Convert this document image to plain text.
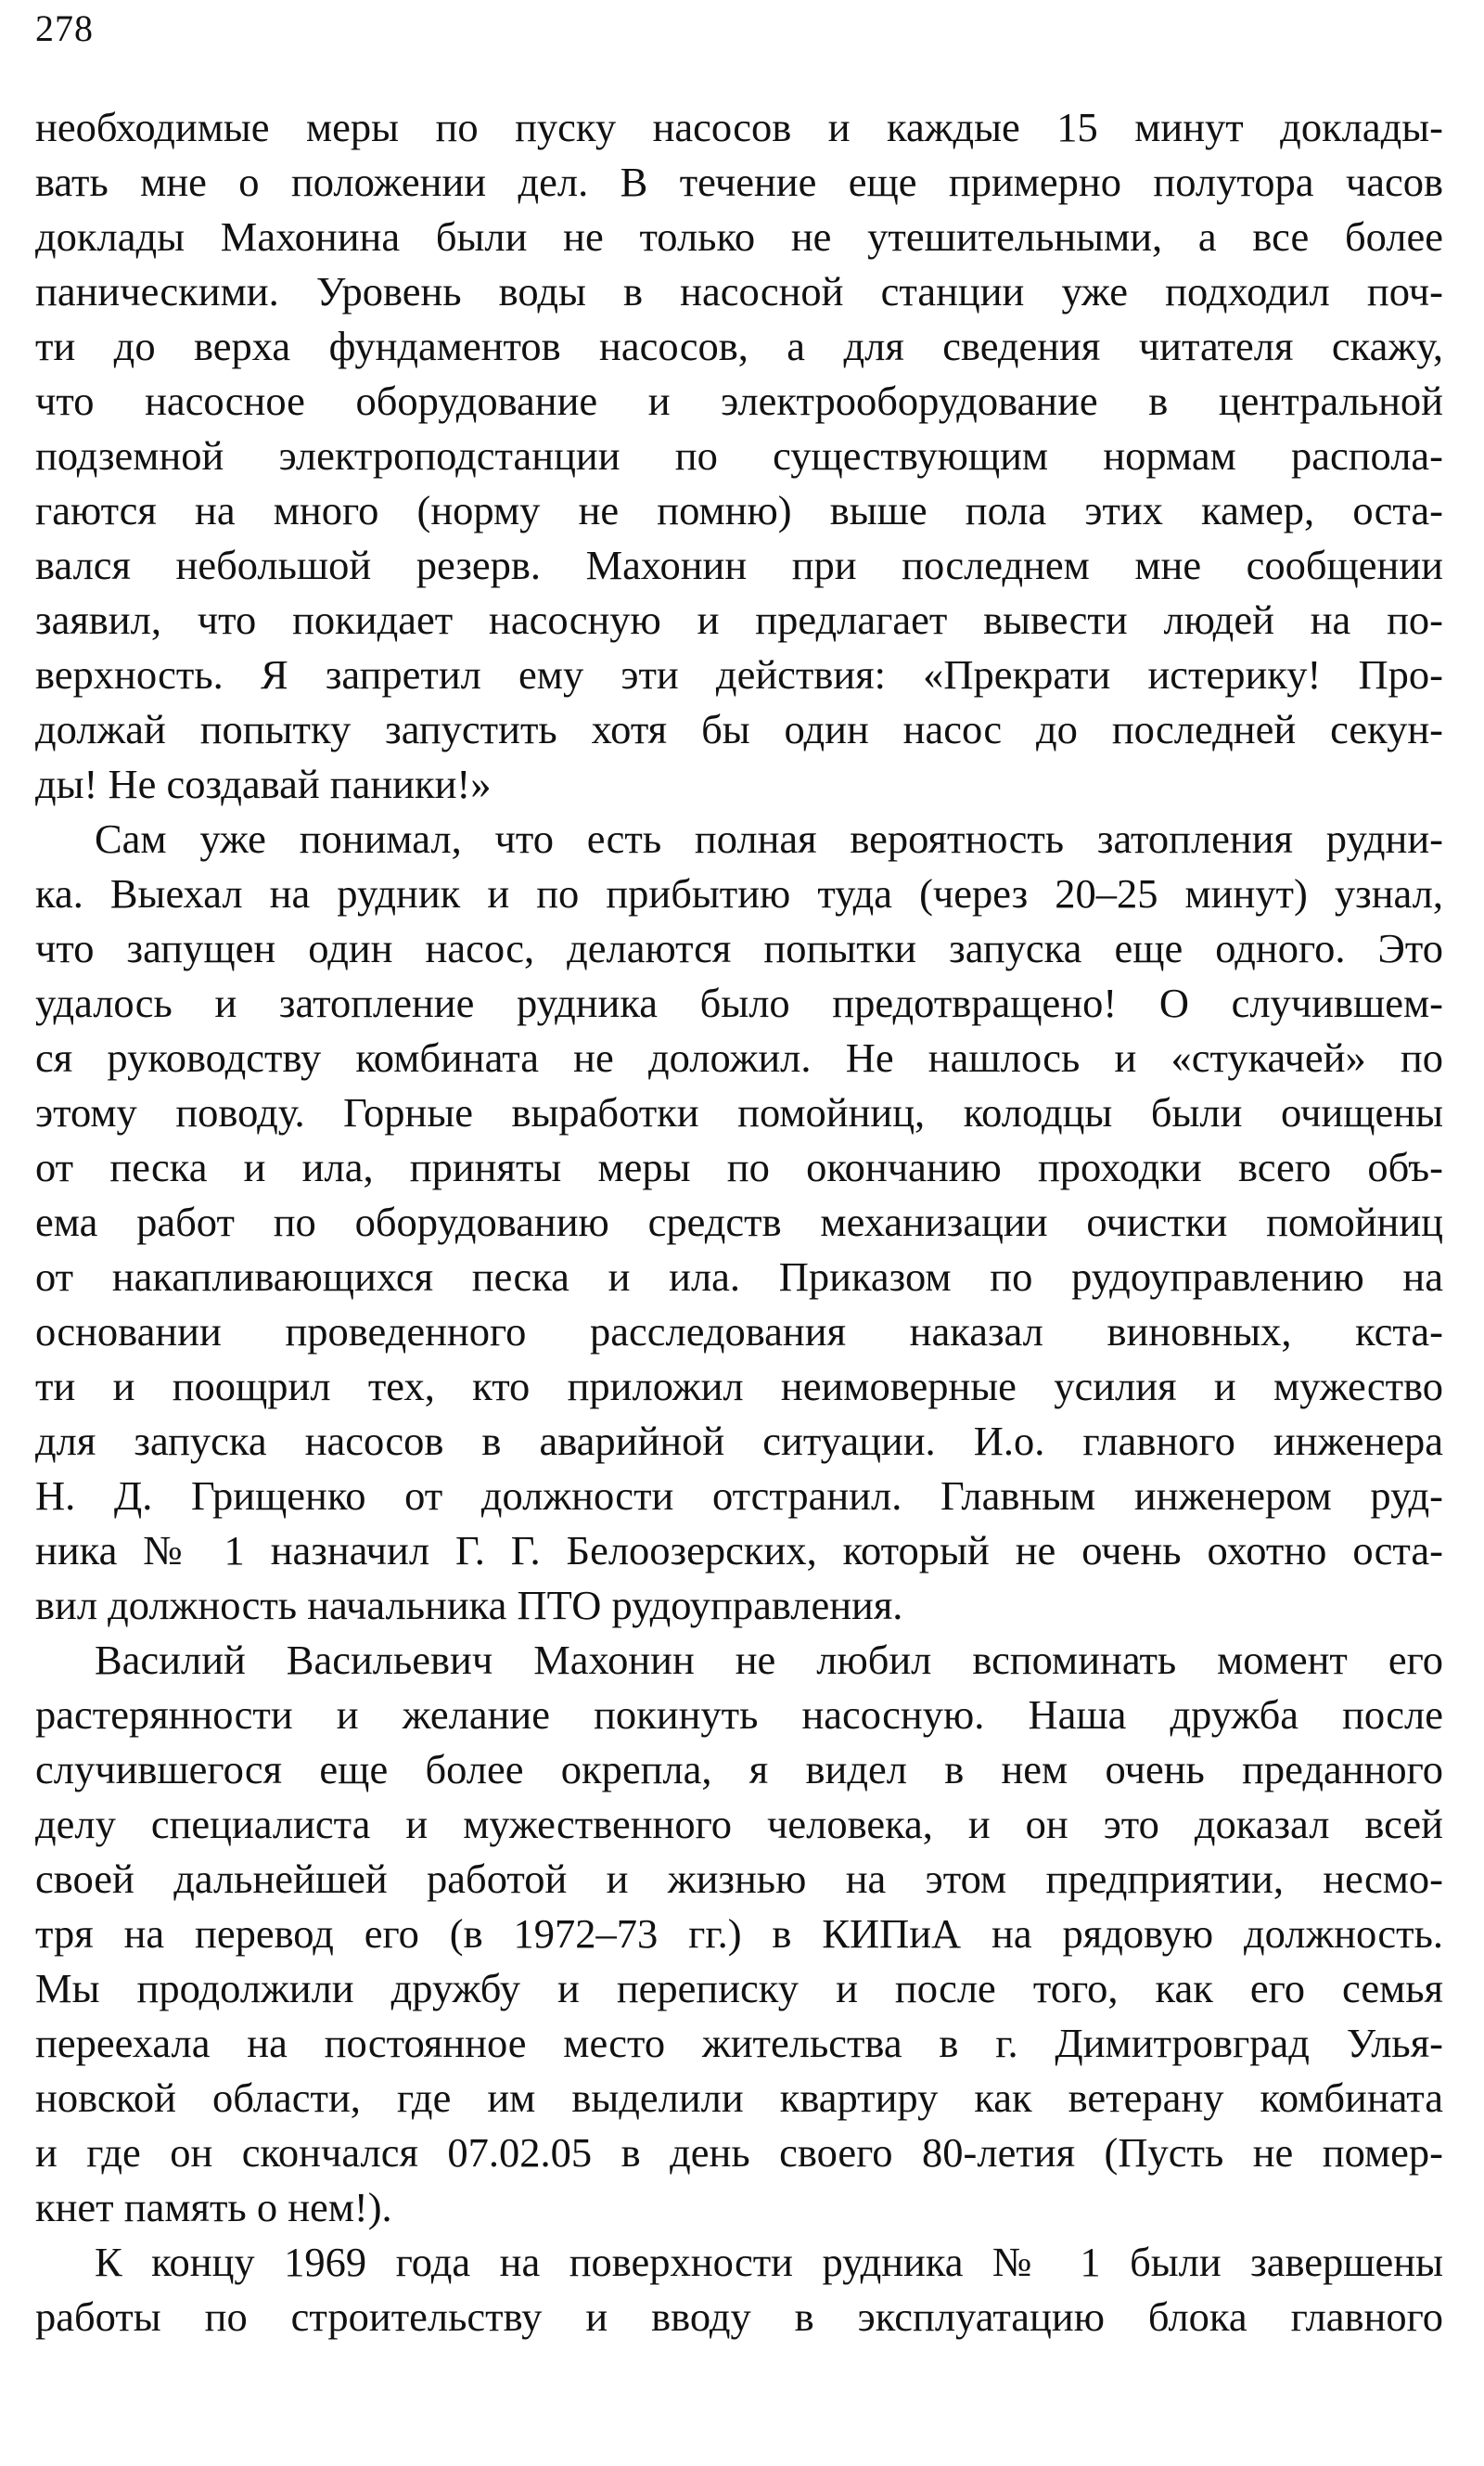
278
необходимые меры по пуску насосов и каждые 15 минут доклады-
вать мне о положении дел. В течение еще примерно полутора часов
доклады Махонина были не только не утешительными, а все более
паническими. Уровень воды в насосной станции уже подходил поч-
ти до верха фундаментов насосов, а для сведения читателя скажу,
что насосное оборудование и электрооборудование в центральной
подземной электроподстанции по существующим нормам распола-
гаются на много (норму не помню) выше пола этих камер, оста-
вался небольшой резерв. Махонин при последнем мне сообщении
заявил, что покидает насосную и предлагает вывести людей на по-
верхность. Я запретил ему эти действия: «Прекрати истерику! Про-
должай попытку запустить хотя бы один насос до последней секун-
ды! Не создавай паники!»
Сам уже понимал, что есть полная вероятность затопления рудни-
ка. Выехал на рудник и по прибытию туда (через 20–25 минут) узнал,
что запущен один насос, делаются попытки запуска еще одного. Это
удалось и затопление рудника было предотвращено! О случившем-
ся руководству комбината не доложил. Не нашлось и «стукачей» по
этому поводу. Горные выработки помойниц, колодцы были очищены
от песка и ила, приняты меры по окончанию проходки всего объ-
ема работ по оборудованию средств механизации очистки помойниц
от накапливающихся песка и ила. Приказом по рудоуправлению на
основании проведенного расследования наказал виновных, кста-
ти и поощрил тех, кто приложил неимоверные усилия и мужество
для запуска насосов в аварийной ситуации. И.о. главного инженера
Н. Д. Грищенко от должности отстранил. Главным инженером руд-
ника № 1 назначил Г. Г. Белоозерских, который не очень охотно оста-
вил должность начальника ПТО рудоуправления.
Василий Васильевич Махонин не любил вспоминать момент его
растерянности и желание покинуть насосную. Наша дружба после
случившегося еще более окрепла, я видел в нем очень преданного
делу специалиста и мужественного человека, и он это доказал всей
своей дальнейшей работой и жизнью на этом предприятии, несмо-
тря на перевод его (в 1972–73 гг.) в КИПиА на рядовую должность.
Мы продолжили дружбу и переписку и после того, как его семья
переехала на постоянное место жительства в г. Димитровград Улья-
новской области, где им выделили квартиру как ветерану комбината
и где он скончался 07.02.05 в день своего 80-летия (Пусть не помер-
кнет память о нем!).
К концу 1969 года на поверхности рудника № 1 были завершены
работы по строительству и вводу в эксплуатацию блока главного
